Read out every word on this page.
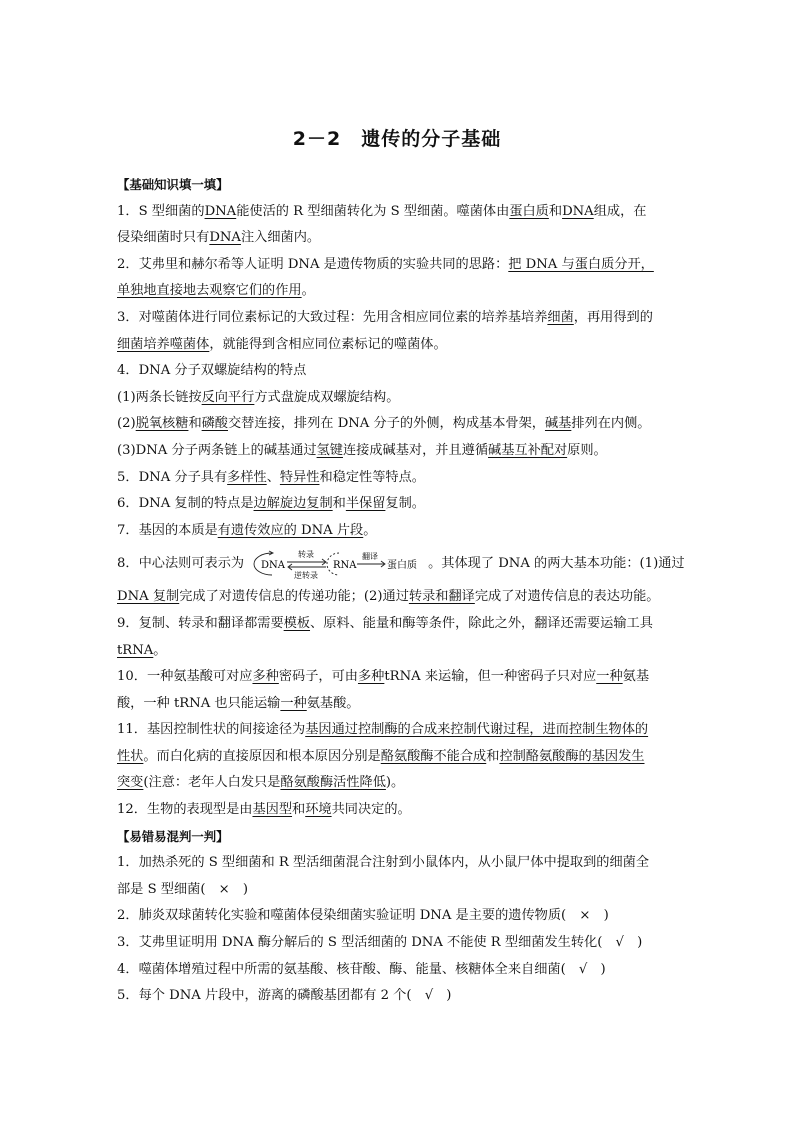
2－2　遗传的分子基础
【基础知识填一填】
1．S 型细菌的DNA能使活的 R 型细菌转化为 S 型细菌。噬菌体由蛋白质和DNA组成，在
侵染细菌时只有DNA注入细菌内。
2．艾弗里和赫尔希等人证明 DNA 是遗传物质的实验共同的思路：把 DNA 与蛋白质分开，
单独地直接地去观察它们的作用。
3．对噬菌体进行同位素标记的大致过程：先用含相应同位素的培养基培养细菌，再用得到的
细菌培养噬菌体，就能得到含相应同位素标记的噬菌体。
4．DNA 分子双螺旋结构的特点
(1)两条长链按反向平行方式盘旋成双螺旋结构。
(2)脱氧核糖和磷酸交替连接，排列在 DNA 分子的外侧，构成基本骨架，碱基排列在内侧。
(3)DNA 分子两条链上的碱基通过氢键连接成碱基对，并且遵循碱基互补配对原则。
5．DNA 分子具有多样性、特异性和稳定性等特点。
6．DNA 复制的特点是边解旋边复制和半保留复制。
7．基因的本质是有遗传效应的 DNA 片段。
8．中心法则可表示为 DNA
转录
逆转录
RNA
翻译
蛋白质 。其体现了 DNA 的两大基本功能：(1)通过
DNA 复制完成了对遗传信息的传递功能；(2)通过转录和翻译完成了对遗传信息的表达功能。
9．复制、转录和翻译都需要模板、原料、能量和酶等条件，除此之外，翻译还需要运输工具
tRNA。
10．一种氨基酸可对应多种密码子，可由多种tRNA 来运输，但一种密码子只对应一种氨基
酸，一种 tRNA 也只能运输一种氨基酸。
11．基因控制性状的间接途径为基因通过控制酶的合成来控制代谢过程，进而控制生物体的
性状。而白化病的直接原因和根本原因分别是酪氨酸酶不能合成和控制酪氨酸酶的基因发生
突变(注意：老年人白发只是酪氨酸酶活性降低)。
12．生物的表现型是由基因型和环境共同决定的。
【易错易混判一判】
1．加热杀死的 S 型细菌和 R 型活细菌混合注射到小鼠体内，从小鼠尸体中提取到的细菌全
部是 S 型细菌(　×　)
2．肺炎双球菌转化实验和噬菌体侵染细菌实验证明 DNA 是主要的遗传物质(　×　)
3．艾弗里证明用 DNA 酶分解后的 S 型活细菌的 DNA 不能使 R 型细菌发生转化(　√　)
4．噬菌体增殖过程中所需的氨基酸、核苷酸、酶、能量、核糖体全来自细菌(　√　)
5．每个 DNA 片段中，游离的磷酸基团都有 2 个(　√　)
